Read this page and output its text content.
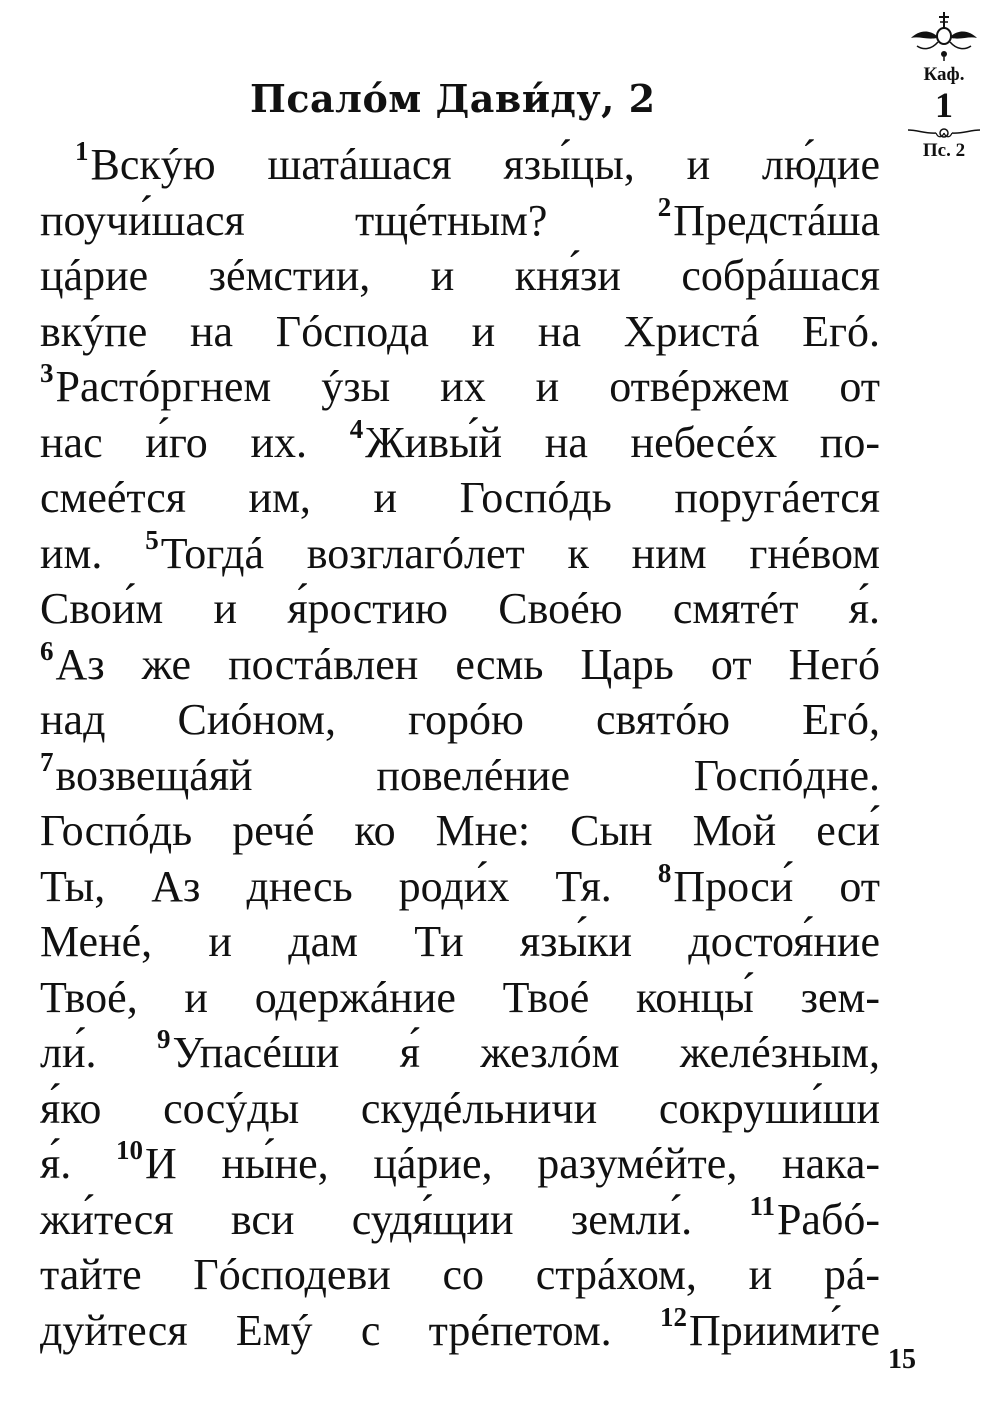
Псалóм Дави́ду, 2
Каф.
1
Пс. 2
$^1$Вскýю шатáшася язы́цы, и лю́дие
поучи́шася тщéтным?	$^2$Предстáша
цáрие зéмстии, и кня́зи собрáшася
вкýпе на Гóспода и на Христá Егó.
$^3$Растóргнем ýзы их и отвéржем от
нас и́го их. $^4$Живы́й на небесéх по-
смеéтся им, и Госпóдь поругáется
им. $^5$Тогдá возглагóлет к ним гнéвом
Свои́м и я́ростию Своéю смятéт я́.
$^6$Аз же постáвлен есмь Царь от Негó
над Сиóном, горóю святóю Егó,
$^7$возвещáяй повелéние Госпóдне.
Госпóдь речé ко Мне: Сын Мой еси́
Ты, Аз днесь роди́х Тя. $^8$Проси́ от
Менé, и дам Ти язы́ки достоя́ние
Твоé, и одержáние Твоé концы́ зем-
ли́. $^9$Упасéши я́ жезлóм желéзным,
я́ко сосýды скудéльничи сокруши́ши
я́. $^{10}$И ны́не, цáрие, разумéйте, нака-
жи́теся вси судя́щии земли́. $^{11}$Рабó-
тайте Гóсподеви со стрáхом, и рá-
дуйтеся Емý с трéпетом. $^{12}$Приими́те
15
